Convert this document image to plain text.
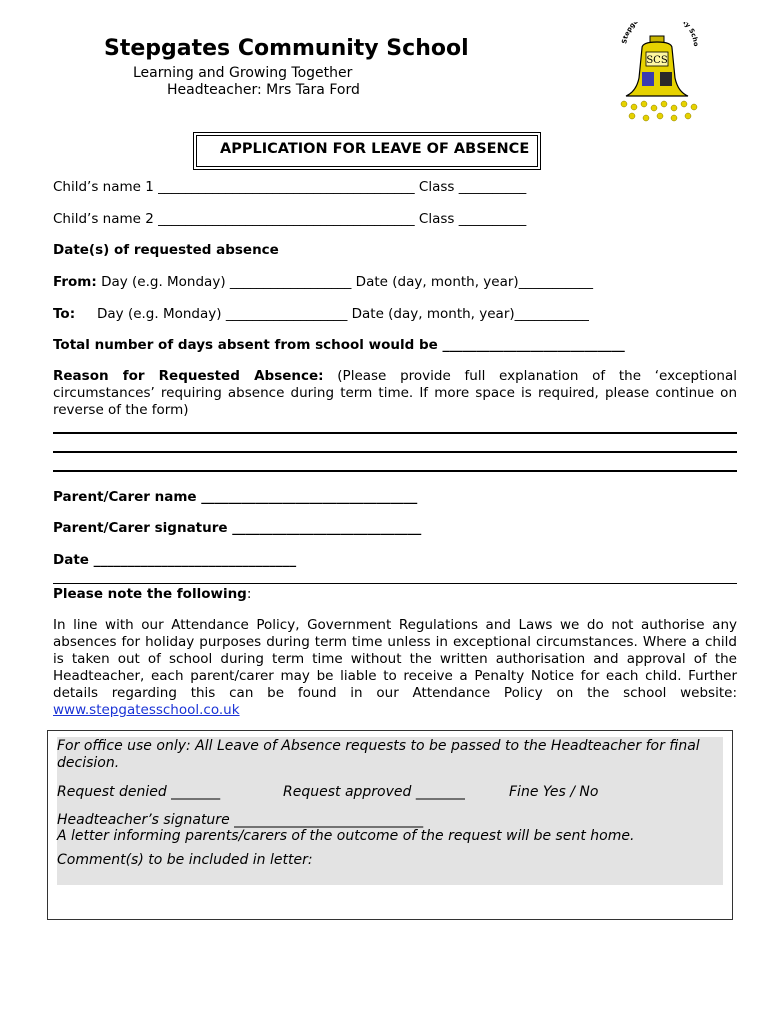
Stepgates Community School
Learning and Growing Together
Headteacher: Mrs Tara Ford
Stepg ty Scho
SCS
APPLICATION FOR LEAVE OF ABSENCE
Child’s name 1 ______________________________________ Class __________
Child’s name 2 ______________________________________ Class __________
Date(s) of requested absence
From: Day (e.g. Monday) __________________ Date (day, month, year)___________
To: Day (e.g. Monday) __________________ Date (day, month, year)___________
Total number of days absent from school would be ___________________________
Reason for Requested Absence: (Please provide full explanation of the ‘exceptional circumstances’ requiring absence during term time. If more space is required, please continue on reverse of the form)
Parent/Carer name ________________________________
Parent/Carer signature ____________________________
Date ______________________________
Please note the following:
In line with our Attendance Policy, Government Regulations and Laws we do not authorise any absences for holiday purposes during term time unless in exceptional circumstances. Where a child is taken out of school during term time without the written authorisation and approval of the Headteacher, each parent/carer may be liable to receive a Penalty Notice for each child. Further details regarding this can be found in our Attendance Policy on the school website: www.stepgatesschool.co.uk
For office use only: All Leave of Absence requests to be passed to the Headteacher for final decision.
Request denied _______	Request approved _______	Fine Yes / No
Headteacher’s signature ___________________________
A letter informing parents/carers of the outcome of the request will be sent home.
Comment(s) to be included in letter:
